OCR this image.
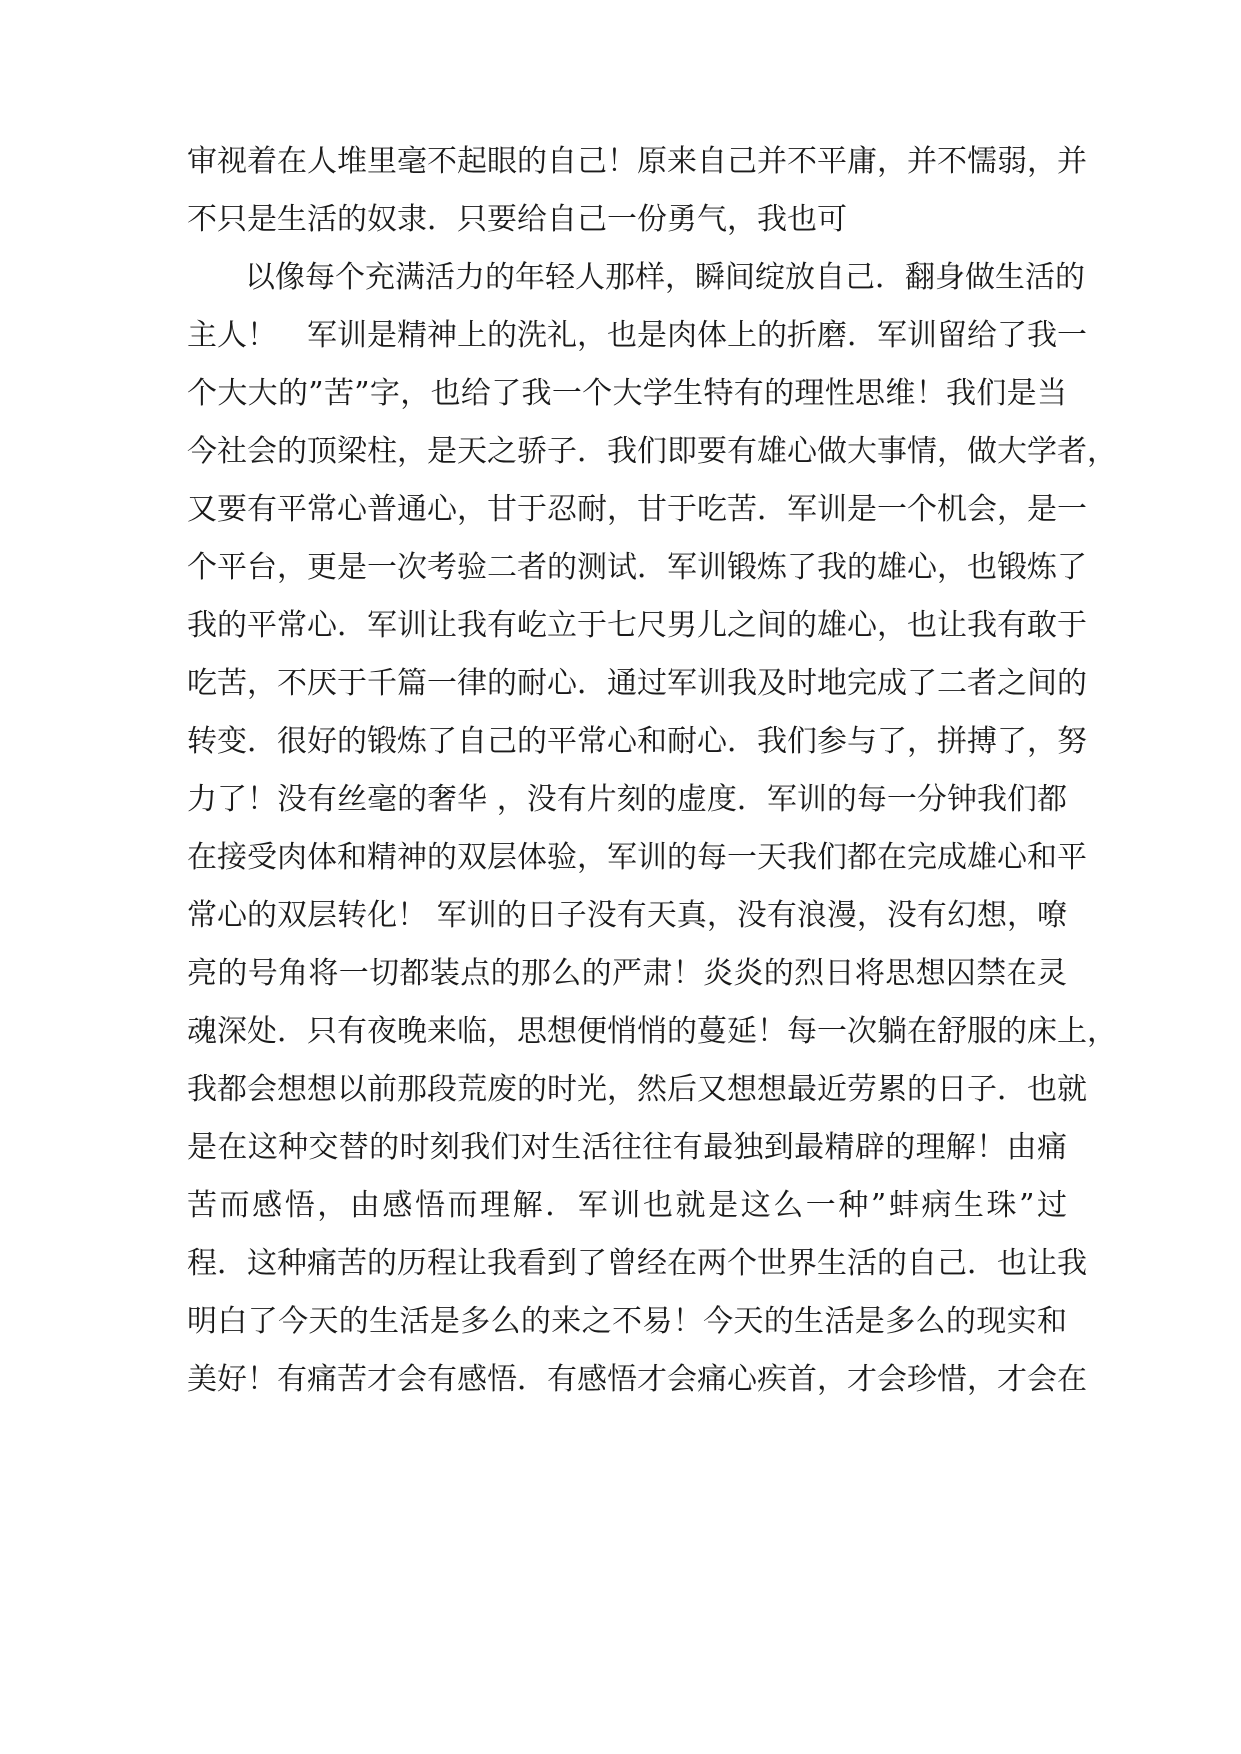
审视着在人堆里毫不起眼的自己！原来自己并不平庸，并不懦弱，并
不只是生活的奴隶．只要给自己一份勇气，我也可
以像每个充满活力的年轻人那样，瞬间绽放自己．翻身做生活的
主人！　军训是精神上的洗礼，也是肉体上的折磨．军训留给了我一
个大大的”苦”字，也给了我一个大学生特有的理性思维！我们是当
今社会的顶梁柱，是天之骄子．我们即要有雄心做大事情，做大学者，
又要有平常心普通心，甘于忍耐，甘于吃苦．军训是一个机会，是一
个平台，更是一次考验二者的测试．军训锻炼了我的雄心，也锻炼了
我的平常心．军训让我有屹立于七尺男儿之间的雄心，也让我有敢于
吃苦，不厌于千篇一律的耐心．通过军训我及时地完成了二者之间的
转变．很好的锻炼了自己的平常心和耐心．我们参与了，拼搏了，努
力了！没有丝毫的奢华 ，没有片刻的虚度．军训的每一分钟我们都
在接受肉体和精神的双层体验，军训的每一天我们都在完成雄心和平
常心的双层转化！ 军训的日子没有天真，没有浪漫，没有幻想，嘹
亮的号角将一切都装点的那么的严肃！炎炎的烈日将思想囚禁在灵
魂深处．只有夜晚来临，思想便悄悄的蔓延！每一次躺在舒服的床上，
我都会想想以前那段荒废的时光，然后又想想最近劳累的日子．也就
是在这种交替的时刻我们对生活往往有最独到最精辟的理解！由痛
苦而感悟，由感悟而理解．军训也就是这么一种”蚌病生珠”过
程．这种痛苦的历程让我看到了曾经在两个世界生活的自己．也让我
明白了今天的生活是多么的来之不易！今天的生活是多么的现实和
美好！有痛苦才会有感悟．有感悟才会痛心疾首，才会珍惜，才会在
